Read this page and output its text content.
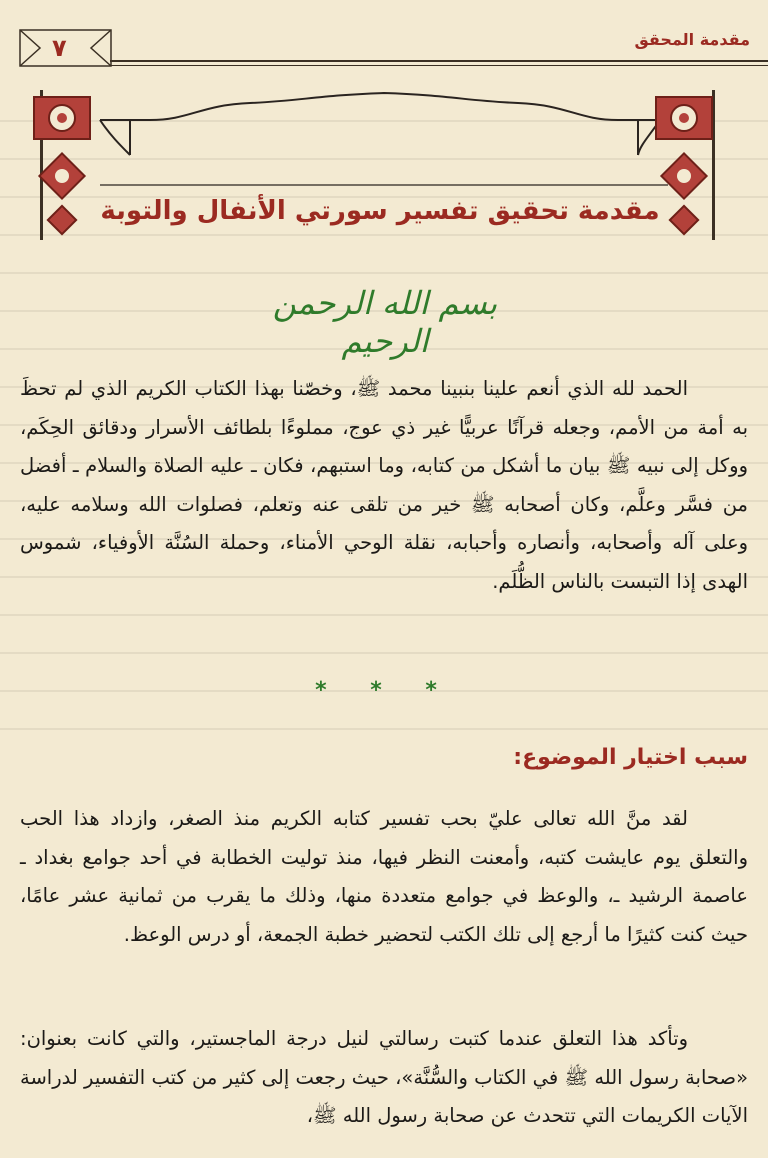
٧	مقدمة المحقق
مقدمة تحقيق تفسير سورتي الأنفال والتوبة
بسم الله الرحمن الرحيم

الحمد لله الذي أنعم علينا بنبينا محمد ﷺ، وخصّنا بهذا الكتاب الكريم الذي لم تحظَ به أمة من الأمم، وجعله قرآنًا عربيًّا غير ذي عوج، مملوءًا بلطائف الأسرار ودقائق الحِكَم، ووكل إلى نبيه ﷺ بيان ما أشكل من كتابه، وما استبهم، فكان ـ عليه الصلاة والسلام ـ أفضل من فسَّر وعلَّم، وكان أصحابه ﷺ خير من تلقى عنه وتعلم، فصلوات الله وسلامه عليه، وعلى آله وأصحابه، وأنصاره وأحبابه، نقلة الوحي الأمناء، وحملة السُنَّة الأوفياء، شموس الهدى إذا التبست بالناس الظُّلَم.

* * *
سبب اختيار الموضوع:

لقد منَّ الله تعالى عليّ بحب تفسير كتابه الكريم منذ الصغر، وازداد هذا الحب والتعلق يوم عايشت كتبه، وأمعنت النظر فيها، منذ توليت الخطابة في أحد جوامع بغداد ـ عاصمة الرشيد ـ، والوعظ في جوامع متعددة منها، وذلك ما يقرب من ثمانية عشر عامًا، حيث كنت كثيرًا ما أرجع إلى تلك الكتب لتحضير خطبة الجمعة، أو درس الوعظ.

وتأكد هذا التعلق عندما كتبت رسالتي لنيل درجة الماجستير، والتي كانت بعنوان: «صحابة رسول الله ﷺ في الكتاب والسُّنَّة»، حيث رجعت إلى كثير من كتب التفسير لدراسة الآيات الكريمات التي تتحدث عن صحابة رسول الله ﷺ،
